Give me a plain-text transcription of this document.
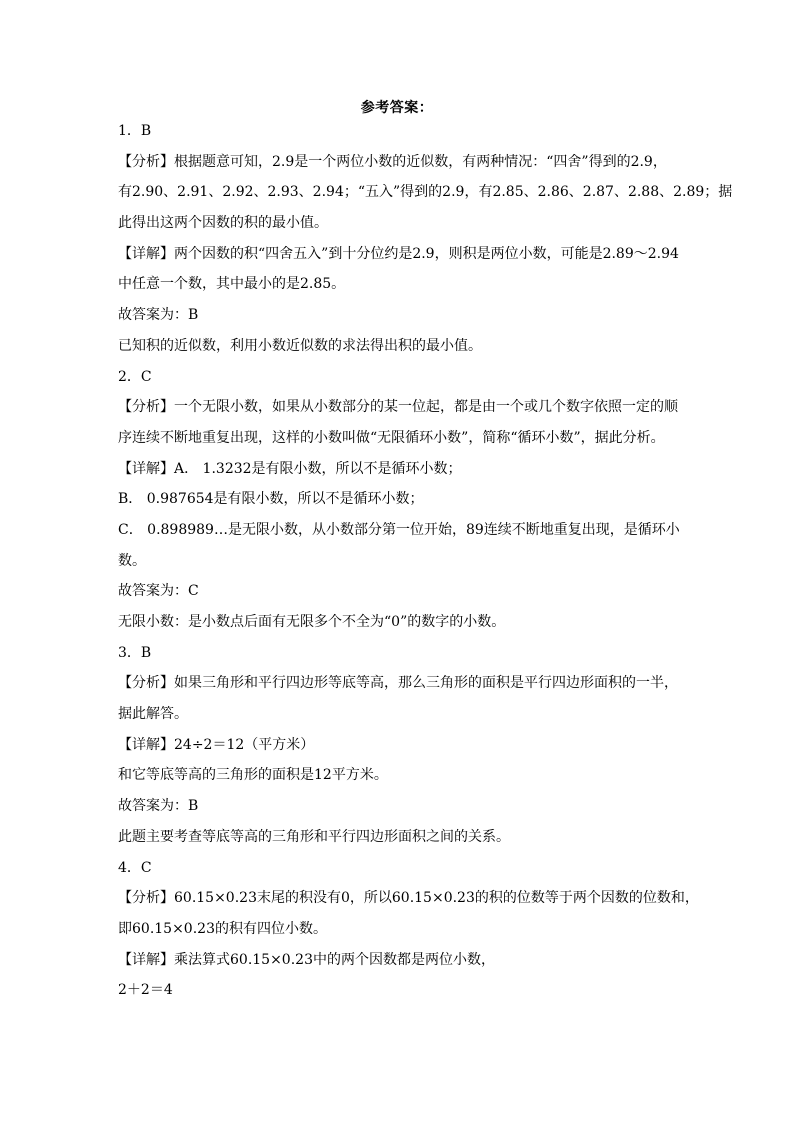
参考答案：
1．B
【分析】根据题意可知，2.9是一个两位小数的近似数，有两种情况：“四舍”得到的2.9，
有2.90、2.91、2.92、2.93、2.94；“五入”得到的2.9，有2.85、2.86、2.87、2.88、2.89；据
此得出这两个因数的积的最小值。
【详解】两个因数的积“四舍五入”到十分位约是2.9，则积是两位小数，可能是2.89～2.94
中任意一个数，其中最小的是2.85。
故答案为：B
已知积的近似数，利用小数近似数的求法得出积的最小值。
2．C
【分析】一个无限小数，如果从小数部分的某一位起，都是由一个或几个数字依照一定的顺
序连续不断地重复出现，这样的小数叫做“无限循环小数”，简称“循环小数”，据此分析。
【详解】A． 1.3232是有限小数，所以不是循环小数；
B． 0.987654是有限小数，所以不是循环小数；
C． 0.898989…是无限小数，从小数部分第一位开始，89连续不断地重复出现，是循环小
数。
故答案为：C
无限小数：是小数点后面有无限多个不全为“0”的数字的小数。
3．B
【分析】如果三角形和平行四边形等底等高，那么三角形的面积是平行四边形面积的一半，
据此解答。
【详解】24÷2＝12（平方米）
和它等底等高的三角形的面积是12平方米。
故答案为：B
此题主要考查等底等高的三角形和平行四边形面积之间的关系。
4．C
【分析】60.15×0.23末尾的积没有0，所以60.15×0.23的积的位数等于两个因数的位数和，
即60.15×0.23的积有四位小数。
【详解】乘法算式60.15×0.23中的两个因数都是两位小数，
2＋2＝4
